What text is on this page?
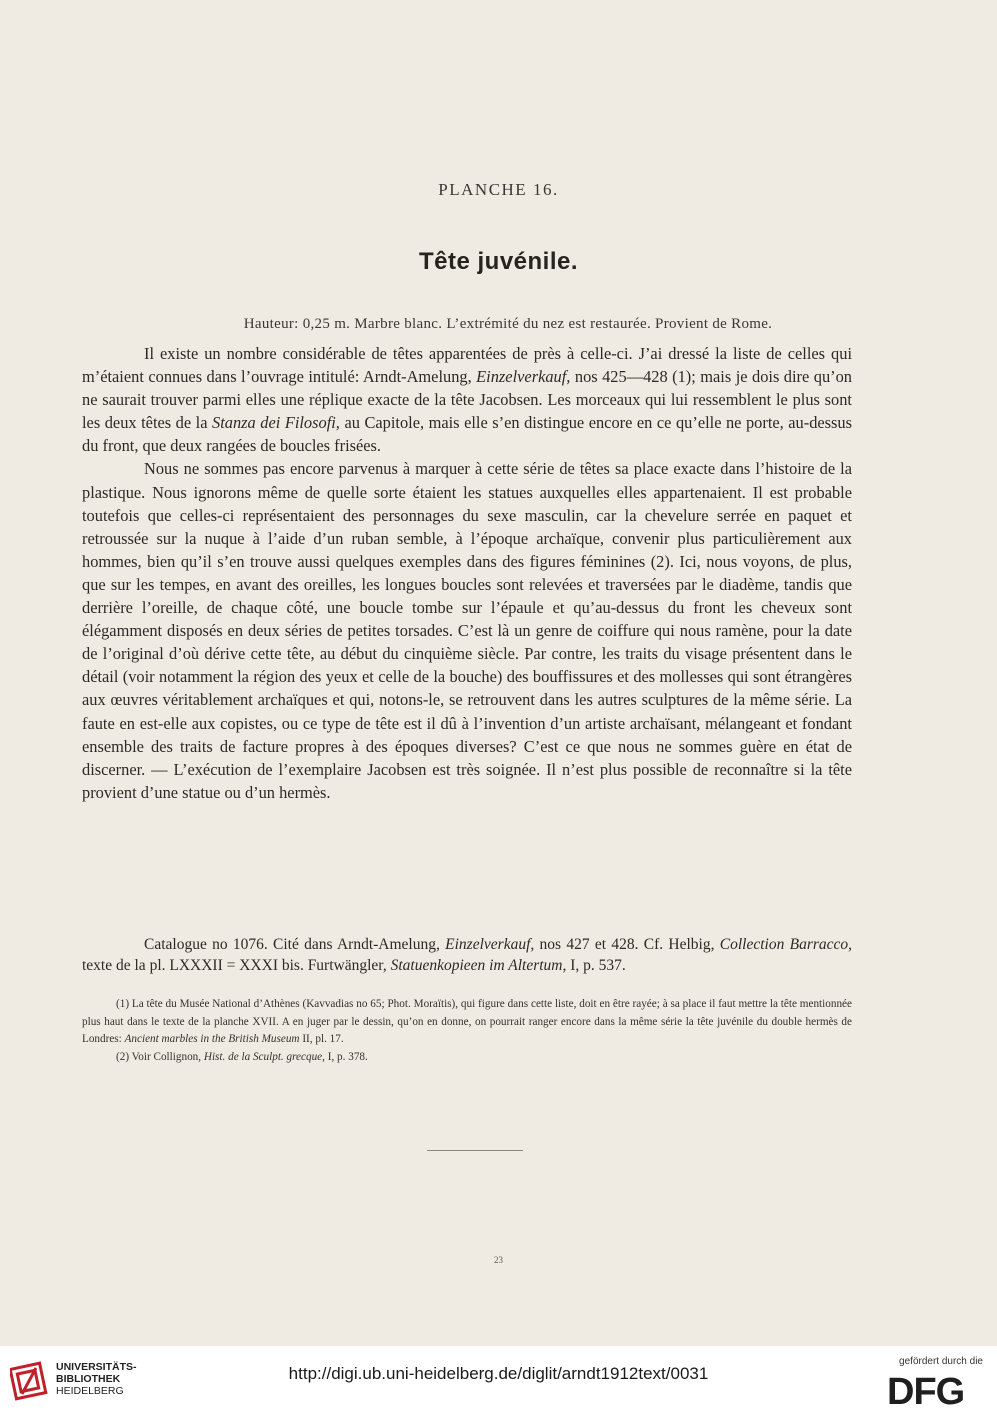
PLANCHE 16.
Tête juvénile.
Hauteur: 0,25 m. Marbre blanc. L’extrémité du nez est restaurée. Provient de Rome.

Il existe un nombre considérable de têtes apparentées de près à celle-ci. J’ai dressé la liste de celles qui m’étaient connues dans l’ouvrage intitulé: Arndt-Amelung, Einzelverkauf, nos 425—428 (1); mais je dois dire qu’on ne saurait trouver parmi elles une réplique exacte de la tête Jacobsen. Les morceaux qui lui ressemblent le plus sont les deux têtes de la Stanza dei Filosofi, au Capitole, mais elle s’en distingue encore en ce qu’elle ne porte, au-dessus du front, que deux rangées de boucles frisées.

Nous ne sommes pas encore parvenus à marquer à cette série de têtes sa place exacte dans l’histoire de la plastique. Nous ignorons même de quelle sorte étaient les statues auxquelles elles appartenaient. Il est probable toutefois que celles-ci représentaient des personnages du sexe masculin, car la chevelure serrée en paquet et retroussée sur la nuque à l’aide d’un ruban semble, à l’époque archaïque, convenir plus particulièrement aux hommes, bien qu’il s’en trouve aussi quelques exemples dans des figures féminines (2). Ici, nous voyons, de plus, que sur les tempes, en avant des oreilles, les longues boucles sont relevées et traversées par le diadème, tandis que derrière l’oreille, de chaque côté, une boucle tombe sur l’épaule et qu’au-dessus du front les cheveux sont élégamment disposés en deux séries de petites torsades. C’est là un genre de coiffure qui nous ramène, pour la date de l’original d’où dérive cette tête, au début du cinquième siècle. Par contre, les traits du visage présentent dans le détail (voir notamment la région des yeux et celle de la bouche) des bouffissures et des mollesses qui sont étrangères aux œuvres véritablement archaïques et qui, notons-le, se retrouvent dans les autres sculptures de la même série. La faute en est-elle aux copistes, ou ce type de tête est il dû à l’invention d’un artiste archaïsant, mélangeant et fondant ensemble des traits de facture propres à des époques diverses? C’est ce que nous ne sommes guère en état de discerner. — L’exécution de l’exemplaire Jacobsen est très soignée. Il n’est plus possible de reconnaître si la tête provient d’une statue ou d’un hermès.

Catalogue no 1076. Cité dans Arndt-Amelung, Einzelverkauf, nos 427 et 428. Cf. Helbig, Collection Barracco, texte de la pl. LXXXII = XXXI bis. Furtwängler, Statuenkopieen im Altertum, I, p. 537.

(1) La tête du Musée National d’Athènes (Kavvadias no 65; Phot. Moraïtis), qui figure dans cette liste, doit en être rayée; à sa place il faut mettre la tête mentionnée plus haut dans le texte de la planche XVII. A en juger par le dessin, qu’on en donne, on pourrait ranger encore dans la même série la tête juvénile du double hermès de Londres: Ancient marbles in the British Museum II, pl. 17.

(2) Voir Collignon, Hist. de la Sculpt. grecque, I, p. 378.

23
UNIVERSITÄTS-
BIBLIOTHEK
HEIDELBERG
http://digi.ub.uni-heidelberg.de/diglit/arndt1912text/0031
gefördert durch die
DFG
